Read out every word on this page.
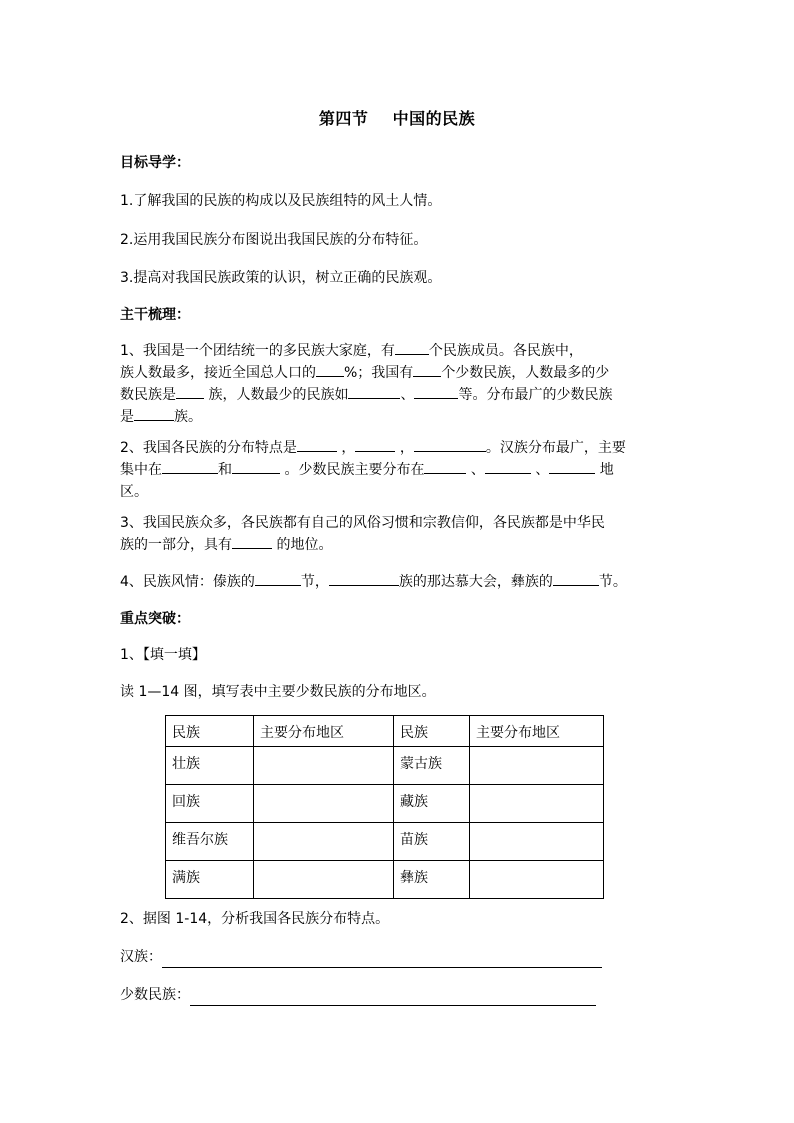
第四节    中国的民族
目标导学：
1.了解我国的民族的构成以及民族组特的风土人情。
2.运用我国民族分布图说出我国民族的分布特征。
3.提高对我国民族政策的认识，树立正确的民族观。
主干梳理：
1、我国是一个团结统一的多民族大家庭，有 个民族成员。各民族中，
族人数最多，接近全国总人口的 %；我国有 个少数民族，人数最多的少
数民族是 族，人数最少的民族如	、	等。分布最广的少数民族
是	族。
2、我国各民族的分布特点是	，	，	。汉族分布最广，主要
集中在	和	。少数民族主要分布在	、	、	地
区。
3、我国民族众多，各民族都有自己的风俗习惯和宗教信仰，各民族都是中华民
族的一部分，具有	的地位。
4、民族风情：傣族的	节，	族的那达慕大会，彝族的	节。
重点突破：
1、【填一填】
读 1—14 图，填写表中主要少数民族的分布地区。
民族	主要分布地区	民族	主要分布地区
壮族		蒙古族	
回族		藏族	
维吾尔族		苗族	
满族		彝族	
2、据图 1-14，分析我国各民族分布特点。
汉族：
少数民族：
